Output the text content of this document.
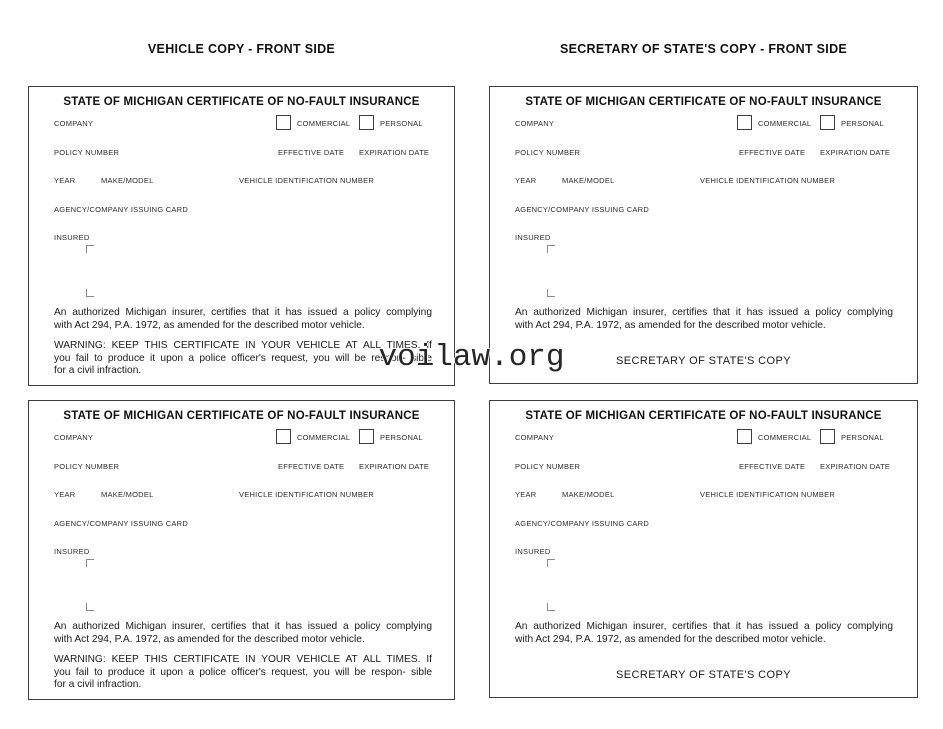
VEHICLE COPY - FRONT SIDE	SECRETARY OF STATE'S COPY - FRONT SIDE
STATE OF MICHIGAN CERTIFICATE OF NO-FAULT INSURANCE
COMPANY	COMMERCIAL	PERSONAL
POLICY NUMBER	EFFECTIVE DATE EXPIRATION DATE
YEAR	MAKE/MODEL	VEHICLE IDENTIFICATION NUMBER
AGENCY/COMPANY ISSUING CARD
INSURED
An authorized Michigan insurer, certifies that it has issued a policy complying
with Act 294, P.A. 1972, as amended for the described motor vehicle.
WARNING: KEEP THIS CERTIFICATE IN YOUR VEHICLE AT ALL TIMES. If
you fail to produce it upon a police officer's request, you will be respon- sible
for a civil infraction.
STATE OF MICHIGAN CERTIFICATE OF NO-FAULT INSURANCE
COMPANY	COMMERCIAL	PERSONAL
POLICY NUMBER	EFFECTIVE DATE EXPIRATION DATE
YEAR	MAKE/MODEL	VEHICLE IDENTIFICATION NUMBER
AGENCY/COMPANY ISSUING CARD
INSURED
An authorized Michigan insurer, certifies that it has issued a policy complying
with Act 294, P.A. 1972, as amended for the described motor vehicle.
SECRETARY OF STATE'S COPY
STATE OF MICHIGAN CERTIFICATE OF NO-FAULT INSURANCE
COMPANY	COMMERCIAL	PERSONAL
POLICY NUMBER	EFFECTIVE DATE EXPIRATION DATE
YEAR	MAKE/MODEL	VEHICLE IDENTIFICATION NUMBER
AGENCY/COMPANY ISSUING CARD
INSURED
An authorized Michigan insurer, certifies that it has issued a policy complying
with Act 294, P.A. 1972, as amended for the described motor vehicle.
WARNING: KEEP THIS CERTIFICATE IN YOUR VEHICLE AT ALL TIMES. If
you fail to produce it upon a police officer's request, you will be respon- sible
for a civil infraction.
STATE OF MICHIGAN CERTIFICATE OF NO-FAULT INSURANCE
COMPANY	COMMERCIAL	PERSONAL
POLICY NUMBER	EFFECTIVE DATE EXPIRATION DATE
YEAR	MAKE/MODEL	VEHICLE IDENTIFICATION NUMBER
AGENCY/COMPANY ISSUING CARD
INSURED
An authorized Michigan insurer, certifies that it has issued a policy complying
with Act 294, P.A. 1972, as amended for the described motor vehicle.
SECRETARY OF STATE'S COPY
voilaw.org
